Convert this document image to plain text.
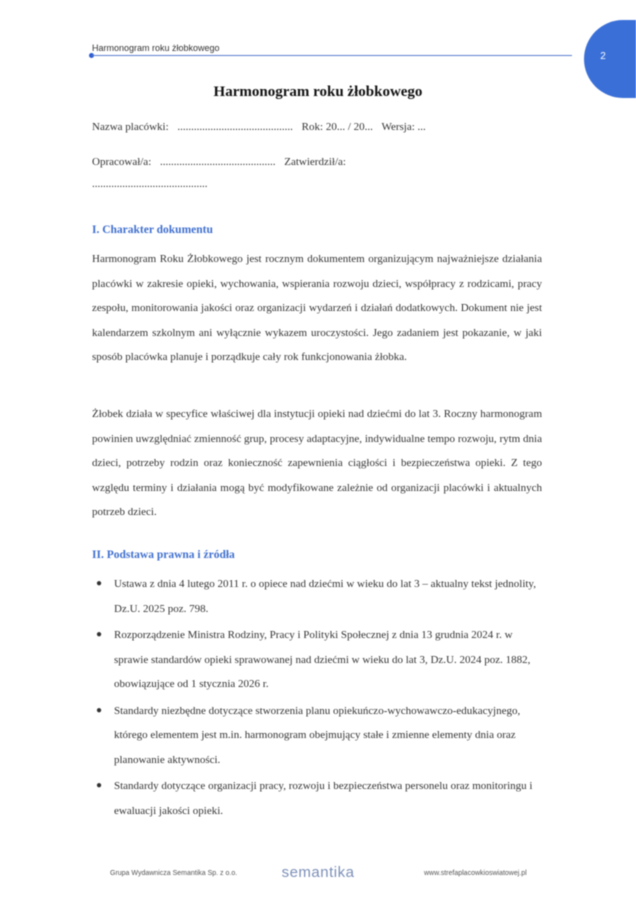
Harmonogram roku żłobkowego
2
Harmonogram roku żłobkowego
Nazwa placówki: .......................................... Rok: 20... / 20... Wersja: ...
Opracował/a: .......................................... Zatwierdził/a:
..........................................
I. Charakter dokumentu

Harmonogram Roku Żłobkowego jest rocznym dokumentem organizującym najważniejsze działania placówki w zakresie opieki, wychowania, wspierania rozwoju dzieci, współpracy z rodzicami, pracy zespołu, monitorowania jakości oraz organizacji wydarzeń i działań dodatkowych. Dokument nie jest kalendarzem szkolnym ani wyłącznie wykazem uroczystości. Jego zadaniem jest pokazanie, w jaki sposób placówka planuje i porządkuje cały rok funkcjonowania żłobka.

Żłobek działa w specyfice właściwej dla instytucji opieki nad dziećmi do lat 3. Roczny harmonogram powinien uwzględniać zmienność grup, procesy adaptacyjne, indywidualne tempo rozwoju, rytm dnia dzieci, potrzeby rodzin oraz konieczność zapewnienia ciągłości i bezpieczeństwa opieki. Z tego względu terminy i działania mogą być modyfikowane zależnie od organizacji placówki i aktualnych potrzeb dzieci.

II. Podstawa prawna i źródła
● Ustawa z dnia 4 lutego 2011 r. o opiece nad dziećmi w wieku do lat 3 – aktualny tekst jednolity, Dz.U. 2025 poz. 798.
● Rozporządzenie Ministra Rodziny, Pracy i Polityki Społecznej z dnia 13 grudnia 2024 r. w sprawie standardów opieki sprawowanej nad dziećmi w wieku do lat 3, Dz.U. 2024 poz. 1882, obowiązujące od 1 stycznia 2026 r.
● Standardy niezbędne dotyczące stworzenia planu opiekuńczo-wychowawczo-edukacyjnego, którego elementem jest m.in. harmonogram obejmujący stałe i zmienne elementy dnia oraz planowanie aktywności.
● Standardy dotyczące organizacji pracy, rozwoju i bezpieczeństwa personelu oraz monitoringu i ewaluacji jakości opieki.
Grupa Wydawnicza Semantika Sp. z o.o.	semantika	www.strefaplacowkioswiatowej.pl
